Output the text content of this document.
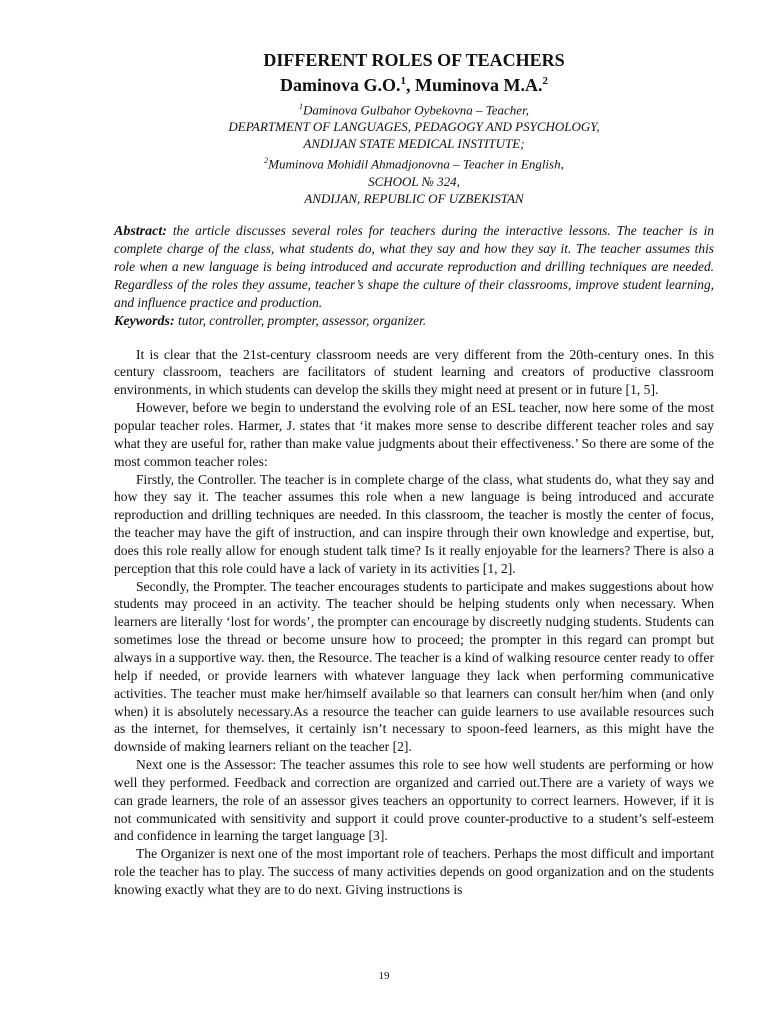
DIFFERENT ROLES OF TEACHERS
Daminova G.O.$^1$, Muminova M.A.$^2$

$^1$Daminova Gulbahor Oybekovna – Teacher,

DEPARTMENT OF LANGUAGES, PEDAGOGY AND PSYCHOLOGY,

ANDIJAN STATE MEDICAL INSTITUTE;

$^2$Muminova Mohidil Ahmadjonovna – Teacher in English,

SCHOOL № 324,

ANDIJAN, REPUBLIC OF UZBEKISTAN

Abstract: the article discusses several roles for teachers during the interactive lessons. The teacher is in complete charge of the class, what students do, what they say and how they say it. The teacher assumes this role when a new language is being introduced and accurate reproduction and drilling techniques are needed. Regardless of the roles they assume, teacher’s shape the culture of their classrooms, improve student learning, and influence practice and production.
Keywords: tutor, controller, prompter, assessor, organizer.

It is clear that the 21st-century classroom needs are very different from the 20th-century ones. In this century classroom, teachers are facilitators of student learning and creators of productive classroom environments, in which students can develop the skills they might need at present or in future [1, 5].

However, before we begin to understand the evolving role of an ESL teacher, now here some of the most popular teacher roles. Harmer, J. states that ‘it makes more sense to describe different teacher roles and say what they are useful for, rather than make value judgments about their effectiveness.’ So there are some of the most common teacher roles:

Firstly, the Controller. The teacher is in complete charge of the class, what students do, what they say and how they say it. The teacher assumes this role when a new language is being introduced and accurate reproduction and drilling techniques are needed. In this classroom, the teacher is mostly the center of focus, the teacher may have the gift of instruction, and can inspire through their own knowledge and expertise, but, does this role really allow for enough student talk time? Is it really enjoyable for the learners? There is also a perception that this role could have a lack of variety in its activities [1, 2].

Secondly, the Prompter. The teacher encourages students to participate and makes suggestions about how students may proceed in an activity. The teacher should be helping students only when necessary. When learners are literally ‘lost for words’, the prompter can encourage by discreetly nudging students. Students can sometimes lose the thread or become unsure how to proceed; the prompter in this regard can prompt but always in a supportive way. then, the Resource. The teacher is a kind of walking resource center ready to offer help if needed, or provide learners with whatever language they lack when performing communicative activities. The teacher must make her/himself available so that learners can consult her/him when (and only when) it is absolutely necessary.As a resource the teacher can guide learners to use available resources such as the internet, for themselves, it certainly isn’t necessary to spoon-feed learners, as this might have the downside of making learners reliant on the teacher [2].

Next one is the Assessor: The teacher assumes this role to see how well students are performing or how well they performed. Feedback and correction are organized and carried out.There are a variety of ways we can grade learners, the role of an assessor gives teachers an opportunity to correct learners. However, if it is not communicated with sensitivity and support it could prove counter-productive to a student’s self-esteem and confidence in learning the target language [3].

The Organizer is next one of the most important role of teachers. Perhaps the most difficult and important role the teacher has to play. The success of many activities depends on good organization and on the students knowing exactly what they are to do next. Giving instructions is

19
